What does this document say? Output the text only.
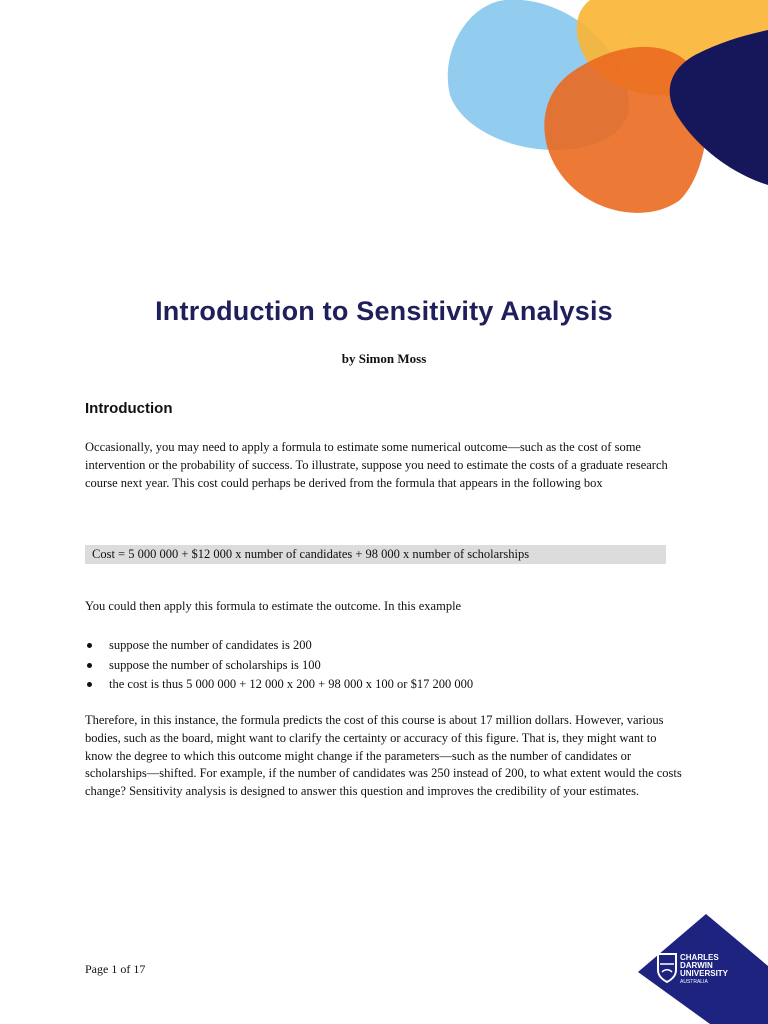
Introduction to Sensitivity Analysis
by Simon Moss
Introduction
Occasionally, you may need to apply a formula to estimate some numerical outcome—such as the cost of some intervention or the probability of success. To illustrate, suppose you need to estimate the costs of a graduate research course next year. This cost could perhaps be derived from the formula that appears in the following box
Cost = 5 000 000 + $12 000 x number of candidates + 98 000 x number of scholarships
You could then apply this formula to estimate the outcome. In this example
suppose the number of candidates is 200
suppose the number of scholarships is 100
the cost is thus 5 000 000 + 12 000 x 200 + 98 000 x 100 or $17 200 000
Therefore, in this instance, the formula predicts the cost of this course is about 17 million dollars. However, various bodies, such as the board, might want to clarify the certainty or accuracy of this figure. That is, they might want to know the degree to which this outcome might change if the parameters—such as the number of candidates or scholarships—shifted. For example, if the number of candidates was 250 instead of 200, to what extent would the costs change? Sensitivity analysis is designed to answer this question and improves the credibility of your estimates.
Page 1 of 17
CHARLES
DARWIN
UNIVERSITY
AUSTRALIA
